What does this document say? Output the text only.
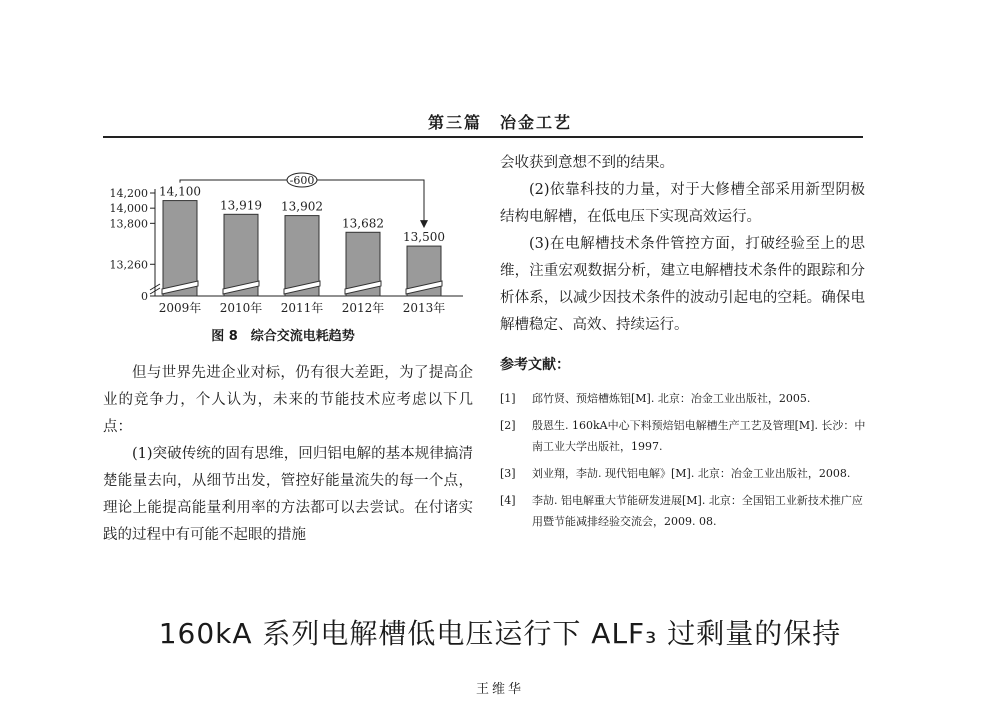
第三篇　冶金工艺
14,200
14,000
13,800
13,260
0
14,100
2009年
13,919
2010年
13,902
2011年
13,682
2012年
13,500
2013年
-600
图 8　综合交流电耗趋势

但与世界先进企业对标，仍有很大差距，为了提高企业的竞争力，个人认为，未来的节能技术应考虑以下几点：

(1)突破传统的固有思维，回归铝电解的基本规律搞清楚能量去向，从细节出发，管控好能量流失的每一个点，理论上能提高能量利用率的方法都可以去尝试。在付诸实践的过程中有可能不起眼的措施

会收获到意想不到的结果。

(2)依靠科技的力量，对于大修槽全部采用新型阴极结构电解槽，在低电压下实现高效运行。

(3)在电解槽技术条件管控方面，打破经验至上的思维，注重宏观数据分析，建立电解槽技术条件的跟踪和分析体系，以减少因技术条件的波动引起电的空耗。确保电解槽稳定、高效、持续运行。

参考文献：
[1]	邱竹贤、预焙槽炼铝[M]. 北京：冶金工业出版社，2005.
[2]	殷恩生. 160kA中心下料预焙铝电解槽生产工艺及管理[M]. 长沙：中南工业大学出版社，1997.
[3]	刘业翔，李劼. 现代铝电解》[M]. 北京：冶金工业出版社，2008.
[4]	李劼. 铝电解重大节能研发进展[M]. 北京：全国铝工业新技术推广应用暨节能减排经验交流会，2009. 08.
160kA 系列电解槽低电压运行下 ALF₃ 过剩量的保持
王维华
